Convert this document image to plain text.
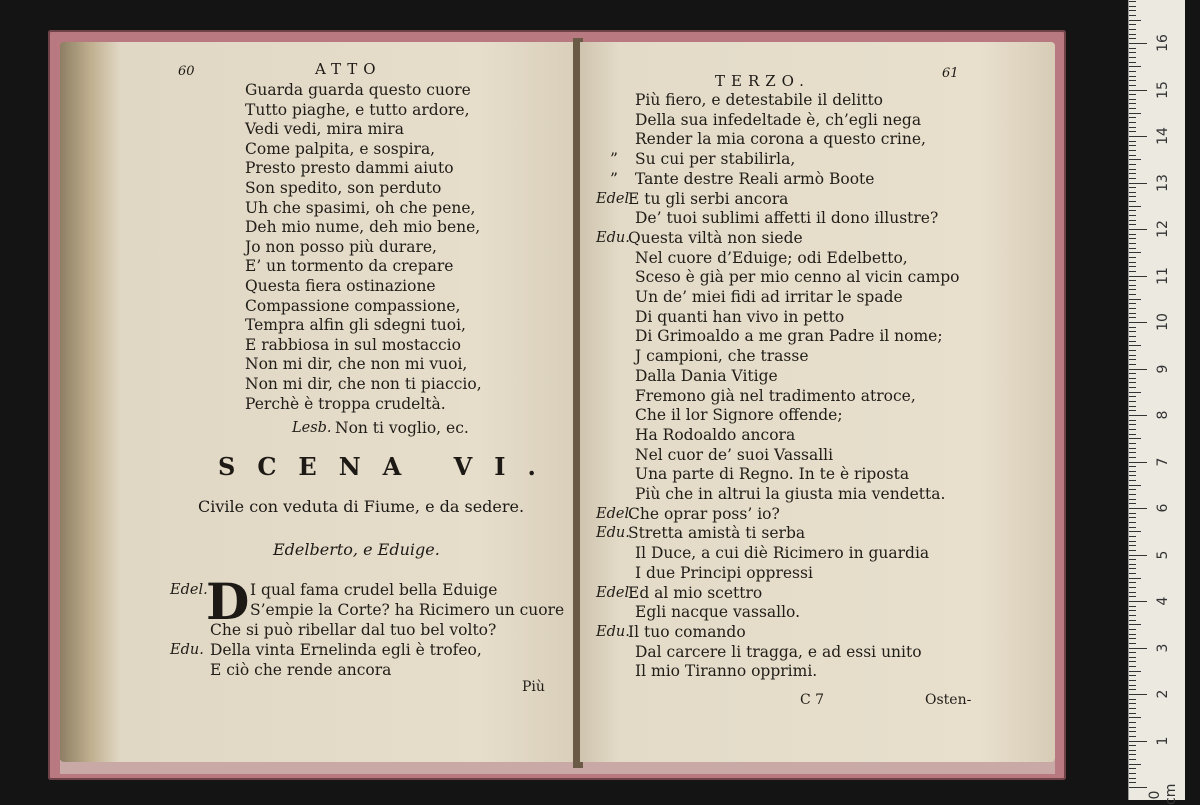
60	ATTO
Guarda guarda questo cuore
Tutto piaghe, e tutto ardore,
Vedi vedi, mira mira
Come palpita, e sospira,
Presto presto dammi aiuto
Son spedito, son perduto
Uh che spasimi, oh che pene,
Deh mio nume, deh mio bene,
Jo non posso più durare,
E’ un tormento da crepare
Questa fiera ostinazione
Compassione compassione,
Tempra alfin gli sdegni tuoi,
E rabbiosa in sul mostaccio
Non mi dir, che non mi vuoi,
Non mi dir, che non ti piaccio,
Perchè è troppa crudeltà.
Lesb. Non ti voglio, ec.
SCENA VI.
Civile con veduta di Fiume, e da sedere.
Edelberto, e Eduige.
D
Edel.	I qual fama crudel bella Eduige
S’empie la Corte? ha Ricimero un cuore
Che si può ribellar dal tuo bel volto?
Edu. Della vinta Ernelinda egli è trofeo,
E ciò che rende ancora
Più
TERZO.	61
Più fiero, e detestabile il delitto
Della sua infedeltade è, ch’egli nega
Render la mia corona a questo crine,
” Su cui per stabilirla,
” Tante destre Reali armò Boote
Edel
E tu gli serbi ancora
De’ tuoi sublimi affetti il dono illustre?
Edu.
Questa viltà non siede
Nel cuore d’Eduige; odi Edelbetto,
Sceso è già per mio cenno al vicin campo
Un de’ miei fidi ad irritar le spade
Di quanti han vivo in petto
Di Grimoaldo a me gran Padre il nome;
J campioni, che trasse
Dalla Dania Vitige
Fremono già nel tradimento atroce,
Che il lor Signore offende;
Ha Rodoaldo ancora
Nel cuor de’ suoi Vassalli
Una parte di Regno. In te è riposta
Più che in altrui la giusta mia vendetta.
Edel.
Che oprar poss’ io?
Edu.
Stretta amistà ti serba
Il Duce, a cui diè Ricimero in guardia
I due Principi oppressi
Edel.
Ed al mio scettro
Egli nacque vassallo.
Edu.
Il tuo comando
Dal carcere li tragga, e ad essi unito
Il mio Tiranno opprimi.
C 7	Osten-
16
15
14
13
12
11
10
9
8
7
6
5
4
3
2
1
0 cm
